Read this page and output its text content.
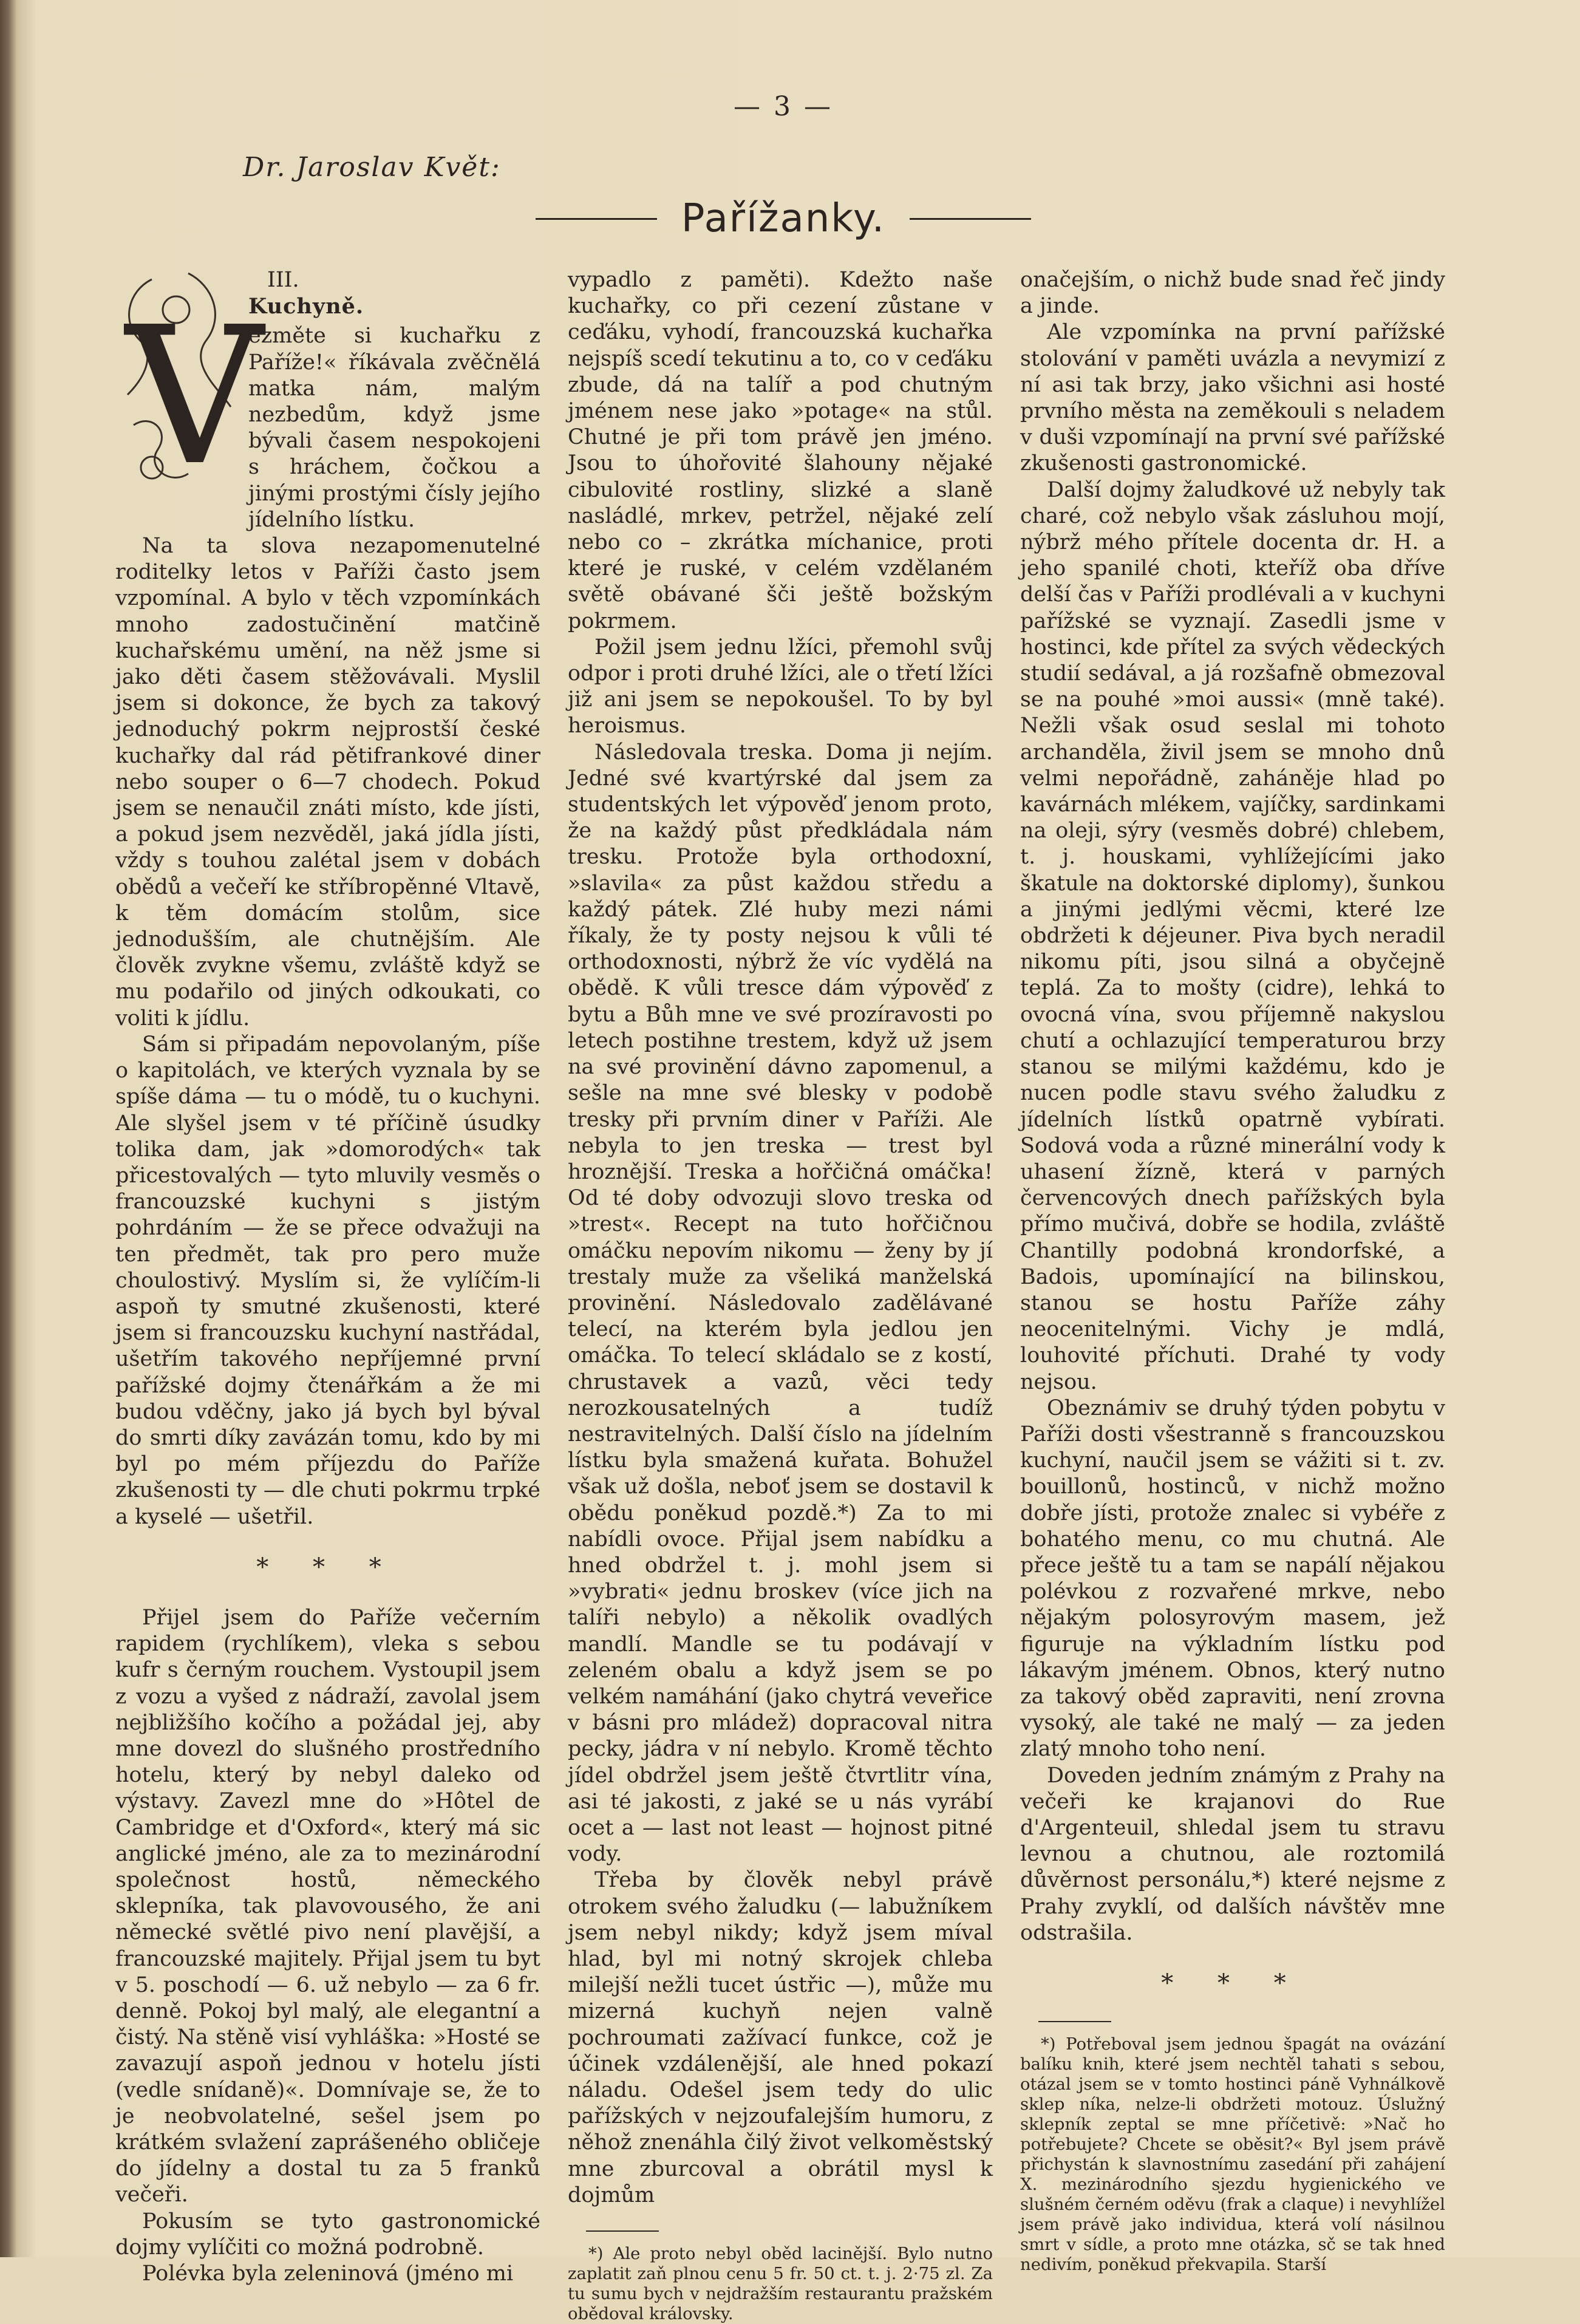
— 3 —
Dr. Jaroslav Květ:
Pařížanky.
V

III.

Kuchyně.

ezměte si kuchařku z Paříže!« říkávala zvěčnělá matka nám, malým nezbedům, když jsme bývali časem nespokojeni s hráchem, čočkou a jinými prostými čísly jejího jídelního lístku.

Na ta slova nezapomenutelné roditelky letos v Paříži často jsem vzpomínal. A bylo v těch vzpomínkách mnoho zadostučinění matčině kuchařskému umění, na něž jsme si jako děti časem stěžovávali. Myslil jsem si dokonce, že bych za takový jednoduchý pokrm nejprostší české kuchařky dal rád pětifrankové diner nebo souper o 6—7 chodech. Pokud jsem se nenaučil znáti místo, kde jísti, a pokud jsem nezvěděl, jaká jídla jísti, vždy s touhou zalétal jsem v dobách obědů a večeří ke stříbropěnné Vltavě, k těm domácím stolům, sice jednodušším, ale chutnějším. Ale člověk zvykne všemu, zvláště když se mu podařilo od jiných odkoukati, co voliti k jídlu.

Sám si připadám nepovolaným, píše o kapitolách, ve kterých vyznala by se spíše dáma — tu o módě, tu o kuchyni. Ale slyšel jsem v té příčině úsudky tolika dam, jak »domorodých« tak přicestovalých — tyto mluvily vesměs o francouzské kuchyni s jistým pohrdáním — že se přece odvažuji na ten předmět, tak pro pero muže choulostivý. Myslím si, že vylíčím-li aspoň ty smutné zkušenosti, které jsem si francouzsku kuchyní nastřádal, ušetřím takového nepříjemné první pařížské dojmy čtenářkám a že mi budou vděčny, jako já bych byl býval do smrti díky zavázán tomu, kdo by mi byl po mém příjezdu do Paříže zkušenosti ty — dle chuti pokrmu trpké a kyselé — ušetřil.

* * *

Přijel jsem do Paříže večerním rapidem (rychlíkem), vleka s sebou kufr s černým rouchem. Vystoupil jsem z vozu a vyšed z nádraží, zavolal jsem nejbližšího kočího a požádal jej, aby mne dovezl do slušného prostředního hotelu, který by nebyl daleko od výstavy. Zavezl mne do »Hôtel de Cambridge et d'Oxford«, který má sic anglické jméno, ale za to mezinárodní společnost hostů, německého sklepníka, tak plavovousého, že ani německé světlé pivo není plavější, a francouzské majitely. Přijal jsem tu byt v 5. poschodí — 6. už nebylo — za 6 fr. denně. Pokoj byl malý, ale elegantní a čistý. Na stěně visí vyhláška: »Hosté se zavazují aspoň jednou v hotelu jísti (vedle snídaně)«. Domnívaje se, že to je neobvolatelné, sešel jsem po krátkém svlažení zaprášeného obličeje do jídelny a dostal tu za 5 franků večeři.

Pokusím se tyto gastronomické dojmy vylíčiti co možná podrobně.

Polévka byla zeleninová (jméno mi

vypadlo z paměti). Kdežto naše kuchařky, co při cezení zůstane v ceďáku, vyhodí, francouzská kuchařka nejspíš scedí tekutinu a to, co v ceďáku zbude, dá na talíř a pod chutným jménem nese jako »potage« na stůl. Chutné je při tom právě jen jméno. Jsou to úhořovité šlahouny nějaké cibulovité rostliny, slizké a slaně nasládlé, mrkev, petržel, nějaké zelí nebo co – zkrátka míchanice, proti které je ruské, v celém vzdělaném světě obávané šči ještě božským pokrmem.

Požil jsem jednu lžíci, přemohl svůj odpor i proti druhé lžíci, ale o třetí lžíci již ani jsem se nepokoušel. To by byl heroismus.

Následovala treska. Doma ji nejím. Jedné své kvartýrské dal jsem za studentských let výpověď jenom proto, že na každý půst předkládala nám tresku. Protože byla orthodoxní, »slavila« za půst každou středu a každý pátek. Zlé huby mezi námi říkaly, že ty posty nejsou k vůli té orthodoxnosti, nýbrž že víc vydělá na obědě. K vůli tresce dám výpověď z bytu a Bůh mne ve své prozíravosti po letech postihne trestem, když už jsem na své provinění dávno zapomenul, a sešle na mne své blesky v podobě tresky při prvním diner v Paříži. Ale nebyla to jen treska — trest byl hroznější. Treska a hořčičná omáčka! Od té doby odvozuji slovo treska od »trest«. Recept na tuto hořčičnou omáčku nepovím nikomu — ženy by jí trestaly muže za všeliká manželská provinění. Následovalo zadělávané telecí, na kterém byla jedlou jen omáčka. To telecí skládalo se z kostí, chrustavek a vazů, věci tedy nerozkousatelných a tudíž nestravitelných. Další číslo na jídelním lístku byla smažená kuřata. Bohužel však už došla, neboť jsem se dostavil k obědu poněkud pozdě.*) Za to mi nabídli ovoce. Přijal jsem nabídku a hned obdržel t. j. mohl jsem si »vybrati« jednu broskev (více jich na talíři nebylo) a několik ovadlých mandlí. Mandle se tu podávají v zeleném obalu a když jsem se po velkém namáhání (jako chytrá veveřice v básni pro mládež) dopracoval nitra pecky, jádra v ní nebylo. Kromě těchto jídel obdržel jsem ještě čtvrtlitr vína, asi té jakosti, z jaké se u nás vyrábí ocet a — last not least — hojnost pitné vody.

Třeba by člověk nebyl právě otrokem svého žaludku (— labužníkem jsem nebyl nikdy; když jsem míval hlad, byl mi notný skrojek chleba milejší nežli tucet ústřic —), může mu mizerná kuchyň nejen valně pochroumati zažívací funkce, což je účinek vzdálenější, ale hned pokazí náladu. Odešel jsem tedy do ulic pařížských v nejzoufalejším humoru, z něhož znenáhla čilý život velkoměstský mne zburcoval a obrátil mysl k dojmům

*) Ale proto nebyl oběd lacinější. Bylo nutno zaplatit zaň plnou cenu 5 fr. 50 ct. t. j. 2·75 zl. Za tu sumu bych v nejdražším restaurantu pražském obědoval královsky.

onačejším, o nichž bude snad řeč jindy a jinde.

Ale vzpomínka na první pařížské stolování v paměti uvázla a nevymizí z ní asi tak brzy, jako všichni asi hosté prvního města na zeměkouli s neladem v duši vzpomínají na první své pařížské zkušenosti gastronomické.

Další dojmy žaludkové už nebyly tak charé, což nebylo však zásluhou mojí, nýbrž mého přítele docenta dr. H. a jeho spanilé choti, kteříž oba dříve delší čas v Paříži prodlévali a v kuchyni pařížské se vyznají. Zasedli jsme v hostinci, kde přítel za svých vědeckých studií sedával, a já rozšafně obmezoval se na pouhé »moi aussi« (mně také). Nežli však osud seslal mi tohoto archanděla, živil jsem se mnoho dnů velmi nepořádně, zaháněje hlad po kavárnách mlékem, vajíčky, sardinkami na oleji, sýry (vesměs dobré) chlebem, t. j. houskami, vyhlížejícími jako škatule na doktorské diplomy), šunkou a jinými jedlými věcmi, které lze obdržeti k déjeuner. Piva bych neradil nikomu píti, jsou silná a obyčejně teplá. Za to mošty (cidre), lehká to ovocná vína, svou příjemně nakyslou chutí a ochlazující temperaturou brzy stanou se milými každému, kdo je nucen podle stavu svého žaludku z jídelních lístků opatrně vybírati. Sodová voda a různé minerální vody k uhasení žízně, která v parných červencových dnech pařížských byla přímo mučivá, dobře se hodila, zvláště Chantilly podobná krondorfské, a Badois, upomínající na bilinskou, stanou se hostu Paříže záhy neocenitelnými. Vichy je mdlá, louhovité příchuti. Drahé ty vody nejsou.

Obeznámiv se druhý týden pobytu v Paříži dosti všestranně s francouzskou kuchyní, naučil jsem se vážiti si t. zv. bouillonů, hostinců, v nichž možno dobře jísti, protože znalec si vybéře z bohatého menu, co mu chutná. Ale přece ještě tu a tam se napálí nějakou polévkou z rozvařené mrkve, nebo nějakým polosyrovým masem, jež figuruje na výkladním lístku pod lákavým jménem. Obnos, který nutno za takový oběd zapraviti, není zrovna vysoký, ale také ne malý — za jeden zlatý mnoho toho není.

Doveden jedním známým z Prahy na večeři ke krajanovi do Rue d'Argenteuil, shledal jsem tu stravu levnou a chutnou, ale roztomilá důvěrnost personálu,*) které nejsme z Prahy zvyklí, od dalších návštěv mne odstrašila.

* * *

*) Potřeboval jsem jednou špagát na ovázání balíku knih, které jsem nechtěl tahati s sebou, otázal jsem se v tomto hostinci páně Vyhnálkově sklep níka, nelze-li obdržeti motouz. Úslužný sklepník zeptal se mne příčetivě: »Nač ho potřebujete? Chcete se oběsit?« Byl jsem právě přichystán k slavnostnímu zasedání při zahájení X. mezinárodního sjezdu hygienického ve slušném černém oděvu (frak a claque) i nevyhlížel jsem právě jako individua, která volí násilnou smrt v sídle, a proto mne otázka, sč se tak hned nedivím, poněkud překvapila. Starší
